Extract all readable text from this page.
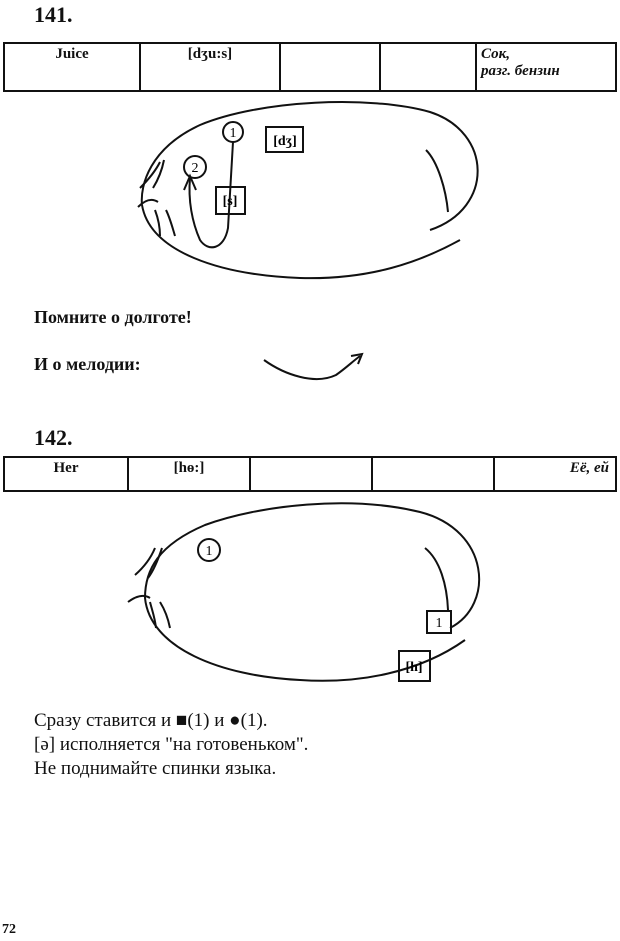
141.
Juice	[dʒu:s]			Сок,
разг. бензин
1
2
[dʒ]
[s]
1
1
[h]
Помните о долготе!
И о мелодии:
142.
Her	[hɵ:]			Её, ей
Сразу ставится и ■(1) и ●(1).
[ə] исполняется "на готовеньком".
Не поднимайте спинки языка.
72
